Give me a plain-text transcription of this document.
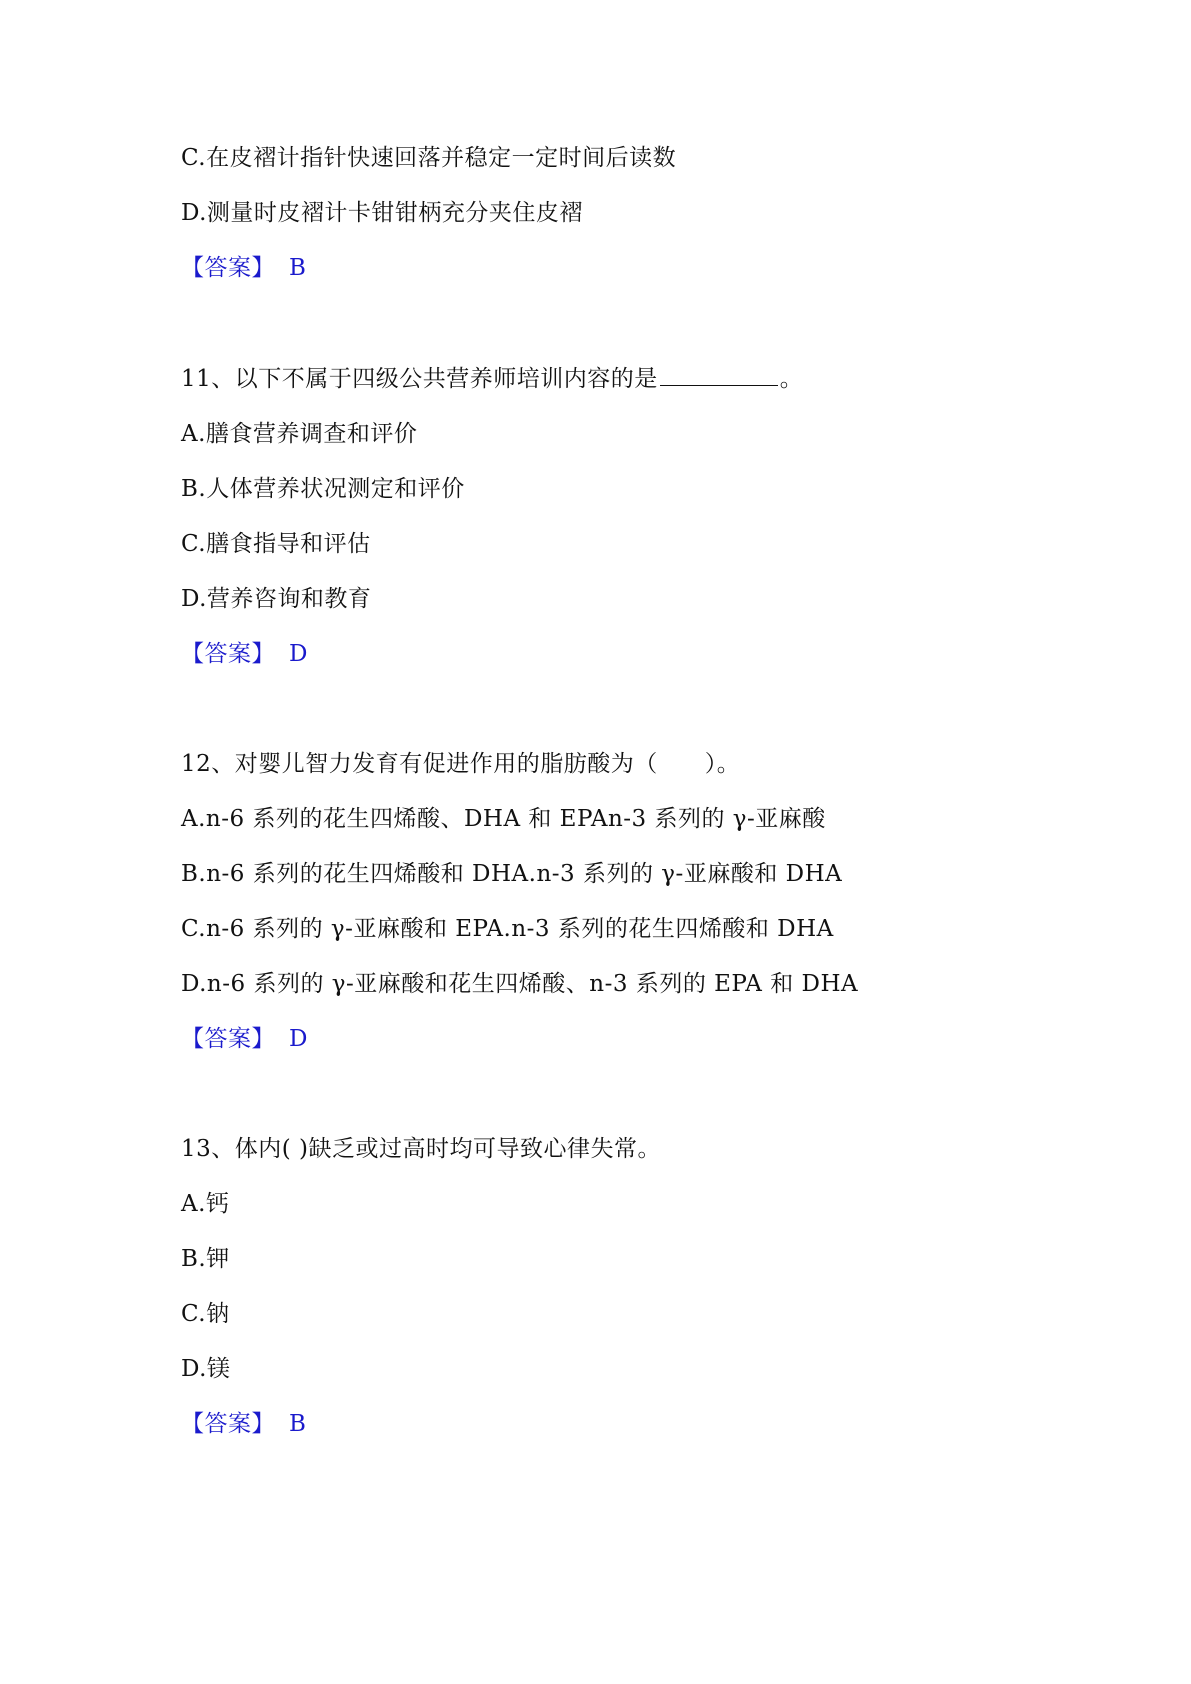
C.在皮褶计指针快速回落并稳定一定时间后读数
D.测量时皮褶计卡钳钳柄充分夹住皮褶
【答案】 B
11、以下不属于四级公共营养师培训内容的是	。
A.膳食营养调查和评价
B.人体营养状况测定和评价
C.膳食指导和评估
D.营养咨询和教育
【答案】 D
12、对婴儿智力发育有促进作用的脂肪酸为（　　）。
A.n-6 系列的花生四烯酸、DHA 和 EPAn-3 系列的 γ-亚麻酸
B.n-6 系列的花生四烯酸和 DHA.n-3 系列的 γ-亚麻酸和 DHA
C.n-6 系列的 γ-亚麻酸和 EPA.n-3 系列的花生四烯酸和 DHA
D.n-6 系列的 γ-亚麻酸和花生四烯酸、n-3 系列的 EPA 和 DHA
【答案】 D
13、体内( )缺乏或过高时均可导致心律失常。
A.钙
B.钾
C.钠
D.镁
【答案】 B
